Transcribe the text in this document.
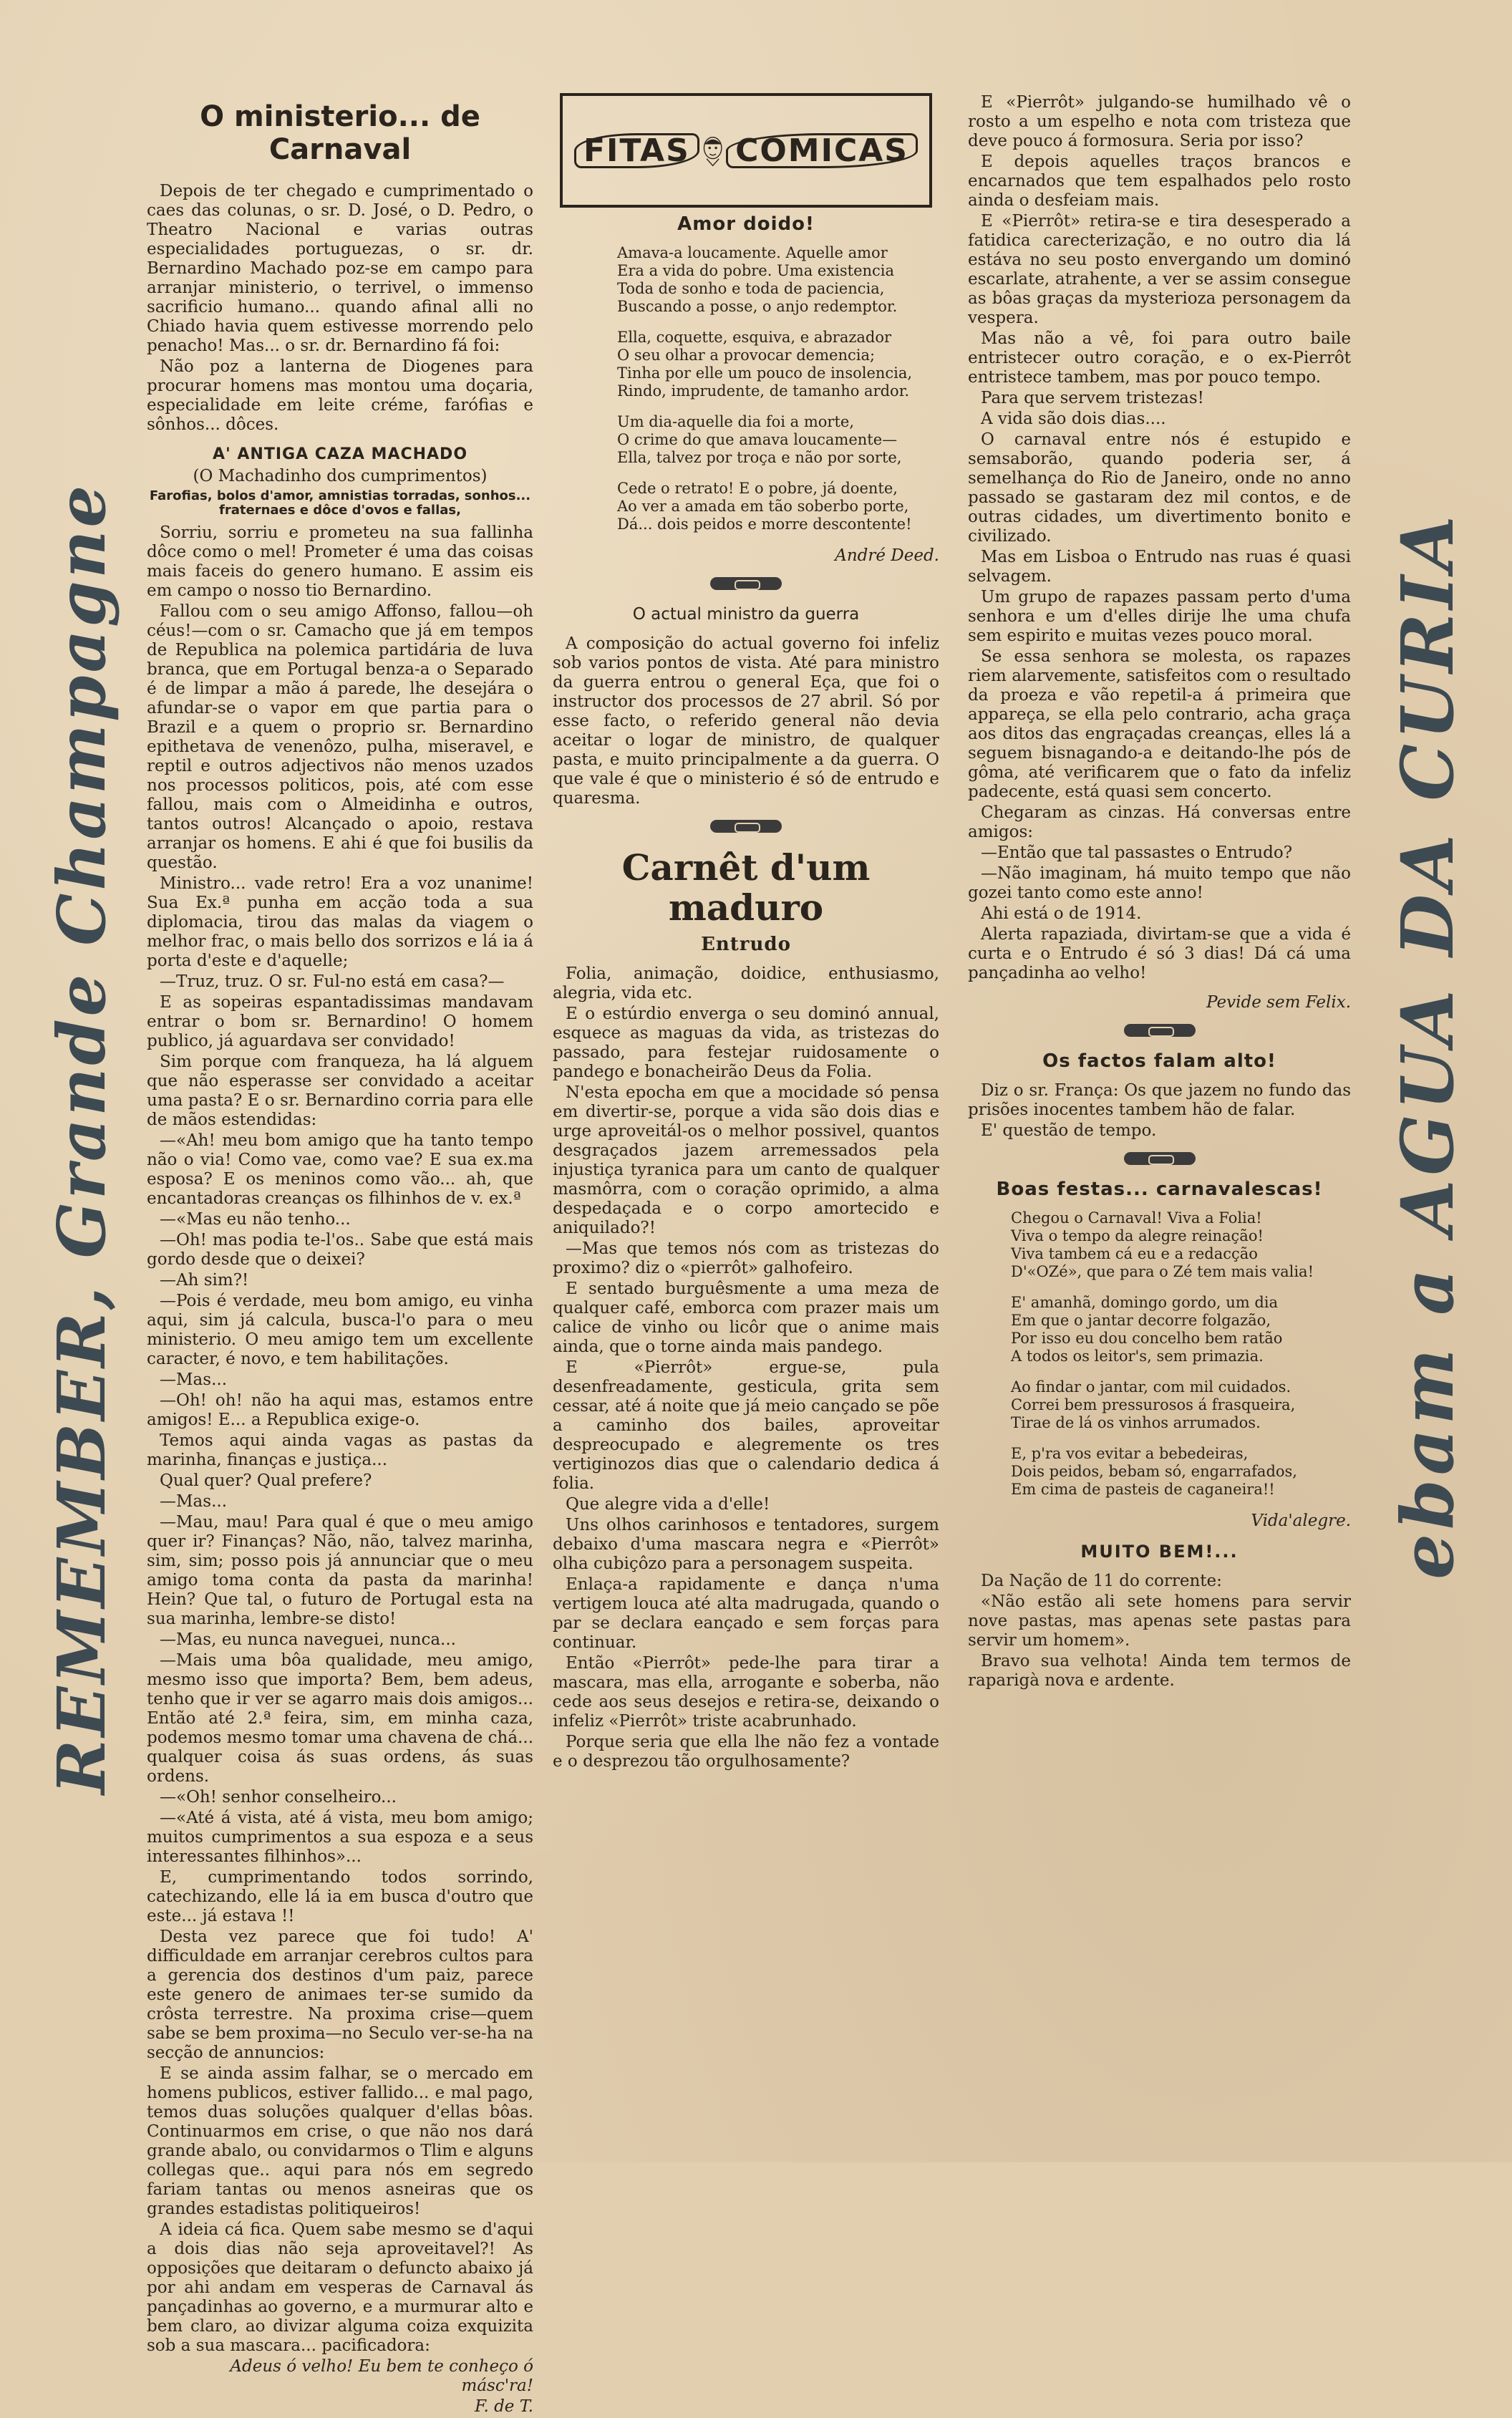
REMEMBER, Grande Champagne	ebam a AGUA DA CURIA
O ministerio... de Carnaval

Depois de ter chegado e cumprimentado o caes das colunas, o sr. D. José, o D. Pedro, o Theatro Nacional e varias outras especialidades portuguezas, o sr. dr. Bernardino Machado poz-se em campo para arranjar ministerio, o terrivel, o immenso sacrificio humano... quando afinal alli no Chiado havia quem estivesse morrendo pelo penacho! Mas... o sr. dr. Bernardino fá foi:

Não poz a lanterna de Diogenes para procurar homens mas montou uma doçaria, especialidade em leite créme, farófias e sônhos... dôces.

A' ANTIGA CAZA MACHADO

(O Machadinho dos cumprimentos)

Farofias, bolos d'amor, amnistias torradas, sonhos... fraternaes e dôce d'ovos e fallas,

Sorriu, sorriu e prometeu na sua fallinha dôce como o mel! Prometer é uma das coisas mais faceis do genero humano. E assim eis em campo o nosso tio Bernardino.

Fallou com o seu amigo Affonso, fallou—oh céus!—com o sr. Camacho que já em tempos de Republica na polemica partidária de luva branca, que em Portugal benza-a o Separado é de limpar a mão á parede, lhe desejára o afundar-se o vapor em que partia para o Brazil e a quem o proprio sr. Bernardino epithetava de venenôzo, pulha, miseravel, e reptil e outros adjectivos não menos uzados nos processos politicos, pois, até com esse fallou, mais com o Almeidinha e outros, tantos outros! Alcançado o apoio, restava arranjar os homens. E ahi é que foi busilis da questão.

Ministro... vade retro! Era a voz unanime! Sua Ex.ª punha em acção toda a sua diplomacia, tirou das malas da viagem o melhor frac, o mais bello dos sorrizos e lá ia á porta d'este e d'aquelle;

—Truz, truz. O sr. Ful-no está em casa?—

E as sopeiras espantadissimas mandavam entrar o bom sr. Bernardino! O homem publico, já aguardava ser convidado!

Sim porque com franqueza, ha lá alguem que não esperasse ser convidado a aceitar uma pasta? E o sr. Bernardino corria para elle de mãos estendidas:

—«Ah! meu bom amigo que ha tanto tempo não o via! Como vae, como vae? E sua ex.ma esposa? E os meninos como vão... ah, que encantadoras creanças os filhinhos de v. ex.ª

—«Mas eu não tenho...

—Oh! mas podia te-l'os.. Sabe que está mais gordo desde que o deixei?

—Ah sim?!

—Pois é verdade, meu bom amigo, eu vinha aqui, sim já calcula, busca-l'o para o meu ministerio. O meu amigo tem um excellente caracter, é novo, e tem habilitações.

—Mas...

—Oh! oh! não ha aqui mas, estamos entre amigos! E... a Republica exige-o.

Temos aqui ainda vagas as pastas da marinha, finanças e justiça...

Qual quer? Qual prefere?

—Mas...

—Mau, mau! Para qual é que o meu amigo quer ir? Finanças? Não, não, talvez marinha, sim, sim; posso pois já annunciar que o meu amigo toma conta da pasta da marinha! Hein? Que tal, o futuro de Portugal esta na sua marinha, lembre-se disto!

—Mas, eu nunca naveguei, nunca...

—Mais uma bôa qualidade, meu amigo, mesmo isso que importa? Bem, bem adeus, tenho que ir ver se agarro mais dois amigos... Então até 2.ª feira, sim, em minha caza, podemos mesmo tomar uma chavena de chá... qualquer coisa ás suas ordens, ás suas ordens.

—«Oh! senhor conselheiro...

—«Até á vista, até á vista, meu bom amigo; muitos cumprimentos a sua espoza e a seus interessantes filhinhos»...

E, cumprimentando todos sorrindo, catechizando, elle lá ia em busca d'outro que este... já estava !!

Desta vez parece que foi tudo! A' difficuldade em arranjar cerebros cultos para a gerencia dos destinos d'um paiz, parece este genero de animaes ter-se sumido da crôsta terrestre. Na proxima crise—quem sabe se bem proxima—no Seculo ver-se-ha na secção de annuncios:

E se ainda assim falhar, se o mercado em homens publicos, estiver fallido... e mal pago, temos duas soluções qualquer d'ellas bôas. Continuarmos em crise, o que não nos dará grande abalo, ou convidarmos o Tlim e alguns collegas que.. aqui para nós em segredo fariam tantas ou menos asneiras que os grandes estadistas politiqueiros!

A ideia cá fica. Quem sabe mesmo se d'aqui a dois dias não seja aproveitavel?! As opposições que deitaram o defuncto abaixo já por ahi andam em vesperas de Carnaval ás pançadinhas ao governo, e a murmurar alto e bem claro, ao divizar alguma coiza exquizita sob a sua mascara... pacificadora:

Adeus ó velho! Eu bem te conheço ó másc'ra!

F. de T.

FITAS COMICAS
Amor doido!
Amava-a loucamente. Aquelle amor
Era a vida do pobre. Uma existencia
Toda de sonho e toda de paciencia,
Buscando a posse, o anjo redemptor.
Ella, coquette, esquiva, e abrazador
O seu olhar a provocar demencia;
Tinha por elle um pouco de insolencia,
Rindo, imprudente, de tamanho ardor.
Um dia-aquelle dia foi a morte,
O crime do que amava loucamente—
Ella, talvez por troça e não por sorte,
Cede o retrato! E o pobre, já doente,
Ao ver a amada em tão soberbo porte,
Dá... dois peidos e morre descontente!

André Deed.

O actual ministro da guerra

A composição do actual governo foi infeliz sob varios pontos de vista. Até para ministro da guerra entrou o general Eça, que foi o instructor dos processos de 27 abril. Só por esse facto, o referido general não devia aceitar o logar de ministro, de qualquer pasta, e muito principalmente a da guerra. O que vale é que o ministerio é só de entrudo e quaresma.

Carnêt d'um maduro
Entrudo

Folia, animação, doidice, enthusiasmo, alegria, vida etc.

E o estúrdio enverga o seu dominó annual, esquece as maguas da vida, as tristezas do passado, para festejar ruidosamente o pandego e bonacheirão Deus da Folia.

N'esta epocha em que a mocidade só pensa em divertir-se, porque a vida são dois dias e urge aproveitál-os o melhor possivel, quantos desgraçados jazem arremessados pela injustiça tyranica para um canto de qualquer masmôrra, com o coração oprimido, a alma despedaçada e o corpo amortecido e aniquilado?!

—Mas que temos nós com as tristezas do proximo? diz o «pierrôt» galhofeiro.

E sentado burguêsmente a uma meza de qualquer café, emborca com prazer mais um calice de vinho ou licôr que o anime mais ainda, que o torne ainda mais pandego.

E «Pierrôt» ergue-se, pula desenfreadamente, gesticula, grita sem cessar, até á noite que já meio cançado se põe a caminho dos bailes, aproveitar despreocupado e alegremente os tres vertiginozos dias que o calendario dedica á folia.

Que alegre vida a d'elle!

Uns olhos carinhosos e tentadores, surgem debaixo d'uma mascara negra e «Pierrôt» olha cubiçôzo para a personagem suspeita.

Enlaça-a rapidamente e dança n'uma vertigem louca até alta madrugada, quando o par se declara eançado e sem forças para continuar.

Então «Pierrôt» pede-lhe para tirar a mascara, mas ella, arrogante e soberba, não cede aos seus desejos e retira-se, deixando o infeliz «Pierrôt» triste acabrunhado.

Porque seria que ella lhe não fez a vontade e o desprezou tão orgulhosamente?

E «Pierrôt» julgando-se humilhado vê o rosto a um espelho e nota com tristeza que deve pouco á formosura. Seria por isso?

E depois aquelles traços brancos e encarnados que tem espalhados pelo rosto ainda o desfeiam mais.

E «Pierrôt» retira-se e tira desesperado a fatidica carecterização, e no outro dia lá estáva no seu posto envergando um dominó escarlate, atrahente, a ver se assim consegue as bôas graças da mysterioza personagem da vespera.

Mas não a vê, foi para outro baile entristecer outro coração, e o ex-Pierrôt entristece tambem, mas por pouco tempo.

Para que servem tristezas!

A vida são dois dias....

O carnaval entre nós é estupido e semsaborão, quando poderia ser, á semelhança do Rio de Janeiro, onde no anno passado se gastaram dez mil contos, e de outras cidades, um divertimento bonito e civilizado.

Mas em Lisboa o Entrudo nas ruas é quasi selvagem.

Um grupo de rapazes passam perto d'uma senhora e um d'elles dirije lhe uma chufa sem espirito e muitas vezes pouco moral.

Se essa senhora se molesta, os rapazes riem alarvemente, satisfeitos com o resultado da proeza e vão repetil-a á primeira que appareça, se ella pelo contrario, acha graça aos ditos das engraçadas creanças, elles lá a seguem bisnagando-a e deitando-lhe pós de gôma, até verificarem que o fato da infeliz padecente, está quasi sem concerto.

Chegaram as cinzas. Há conversas entre amigos:

—Então que tal passastes o Entrudo?

—Não imaginam, há muito tempo que não gozei tanto como este anno!

Ahi está o de 1914.

Alerta rapaziada, divirtam-se que a vida é curta e o Entrudo é só 3 dias! Dá cá uma pançadinha ao velho!

Pevide sem Felix.

Os factos falam alto!

Diz o sr. França: Os que jazem no fundo das prisões inocentes tambem hão de falar.

E' questão de tempo.

Boas festas... carnavalescas!
Chegou o Carnaval! Viva a Folia!
Viva o tempo da alegre reinação!
Viva tambem cá eu e a redacção
D'«OZé», que para o Zé tem mais valia!
E' amanhã, domingo gordo, um dia
Em que o jantar decorre folgazão,
Por isso eu dou concelho bem ratão
A todos os leitor's, sem primazia.
Ao findar o jantar, com mil cuidados.
Correi bem pressurosos á frasqueira,
Tirae de lá os vinhos arrumados.
E, p'ra vos evitar a bebedeiras,
Dois peidos, bebam só, engarrafados,
Em cima de pasteis de caganeira!!

Vida'alegre.

MUITO BEM!...

Da Nação de 11 do corrente:

«Não estão ali sete homens para servir nove pastas, mas apenas sete pastas para servir um homem».

Bravo sua velhota! Ainda tem termos de raparigà nova e ardente.
